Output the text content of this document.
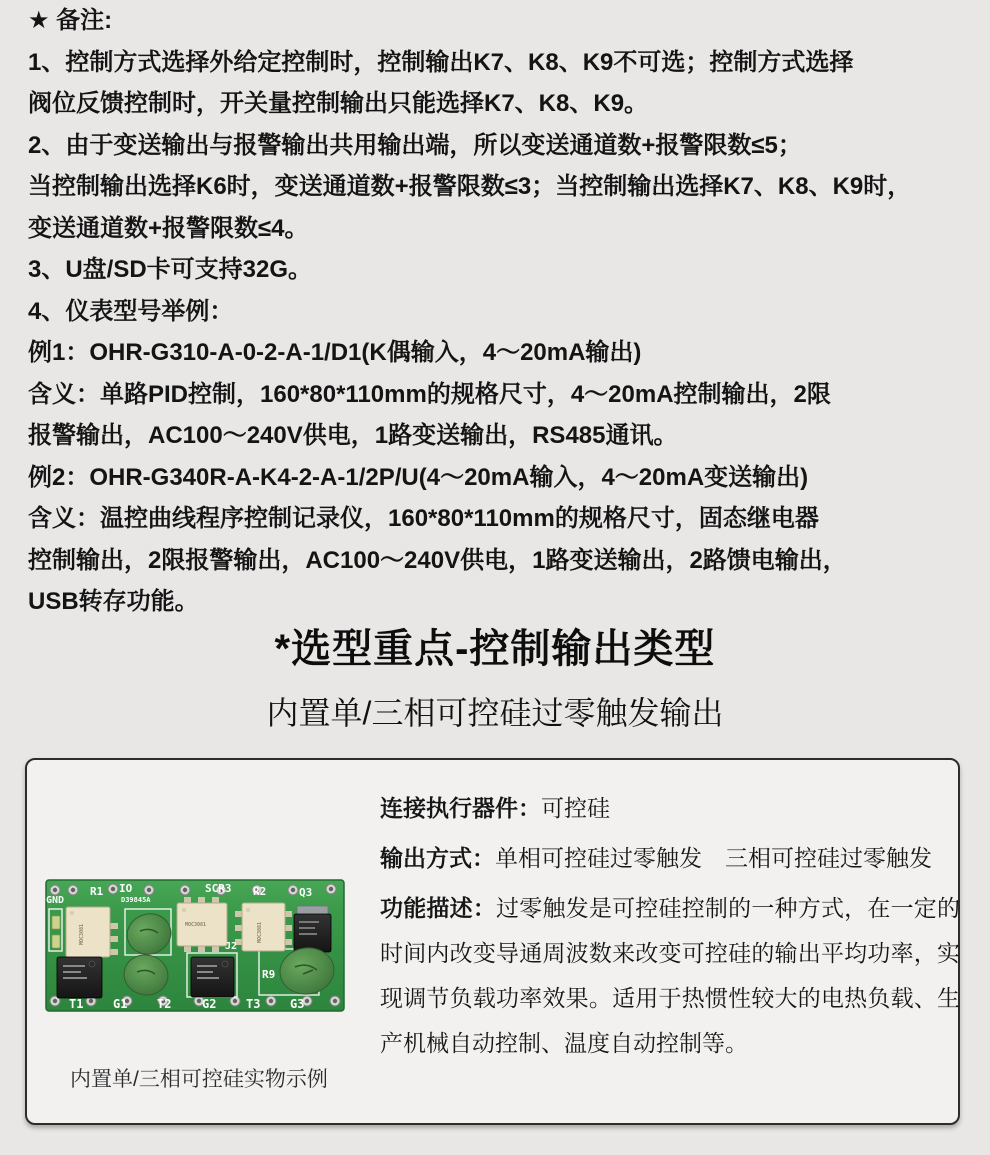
★ 备注:
1、控制方式选择外给定控制时，控制输出K7、K8、K9不可选；控制方式选择
阀位反馈控制时，开关量控制输出只能选择K7、K8、K9。
2、由于变送输出与报警输出共用输出端，所以变送通道数+报警限数≤5；
当控制输出选择K6时，变送通道数+报警限数≤3；当控制输出选择K7、K8、K9时，
变送通道数+报警限数≤4。
3、U盘/SD卡可支持32G。
4、仪表型号举例：
例1：OHR-G310-A-0-2-A-1/D1(K偶输入，4～20mA输出)
含义：单路PID控制，160*80*110mm的规格尺寸，4～20mA控制输出，2限
报警输出，AC100～240V供电，1路变送输出，RS485通讯。
例2：OHR-G340R-A-K4-2-A-1/2P/U(4～20mA输入，4～20mA变送输出)
含义：温控曲线程序控制记录仪，160*80*110mm的规格尺寸，固态继电器
控制输出，2限报警输出，AC100～240V供电，1路变送输出，2路馈电输出，
USB转存功能。
*选型重点-控制输出类型
内置单/三相可控硅过零触发输出
MOC3081	MOC3081	MOC3081
GND
R1 IO
D39845A
SCR3 R2	Q3
J2
R9
T1 G1 T2	G2 T3 G3

连接执行器件：可控硅

输出方式：单相可控硅过零触发　三相可控硅过零触发

功能描述：过零触发是可控硅控制的一种方式，在一定的时间内改变导通周波数来改变可控硅的输出平均功率，实现调节负载功率效果。适用于热惯性较大的电热负载、生产机械自动控制、温度自动控制等。

内置单/三相可控硅实物示例
